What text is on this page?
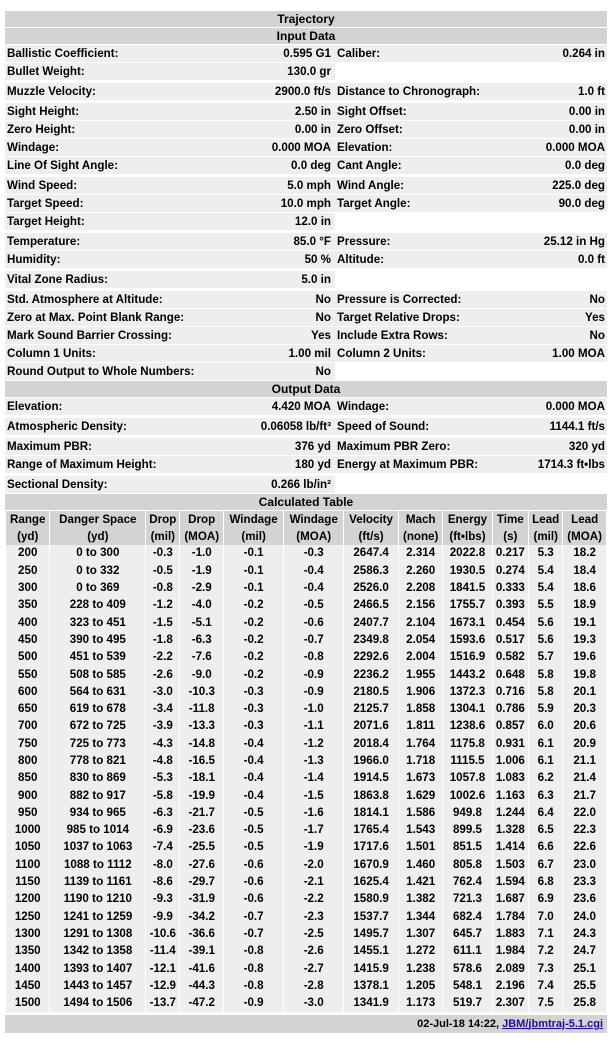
Trajectory
Input Data
Ballistic Coefficient:	0.595 G1 Caliber:	0.264 in
Bullet Weight:	130.0 gr
Muzzle Velocity:	2900.0 ft/s Distance to Chronograph:	1.0 ft
Sight Height:	2.50 in Sight Offset:	0.00 in
Zero Height:	0.00 in Zero Offset:	0.00 in
Windage:	0.000 MOA Elevation:	0.000 MOA
Line Of Sight Angle:	0.0 deg Cant Angle:	0.0 deg
Wind Speed:	5.0 mph Wind Angle:	225.0 deg
Target Speed:	10.0 mph Target Angle:	90.0 deg
Target Height:	12.0 in
Temperature:	85.0 °F Pressure:	25.12 in Hg
Humidity:	50 % Altitude:	0.0 ft
Vital Zone Radius:	5.0 in
Std. Atmosphere at Altitude:	No Pressure is Corrected:	No
Zero at Max. Point Blank Range:	No Target Relative Drops:	Yes
Mark Sound Barrier Crossing:	Yes Include Extra Rows:	No
Column 1 Units:	1.00 mil Column 2 Units:	1.00 MOA
Round Output to Whole Numbers:	No
Output Data
Elevation:	4.420 MOA Windage:	0.000 MOA
Atmospheric Density:	0.06058 lb/ft³ Speed of Sound:	1144.1 ft/s
Maximum PBR:	376 yd Maximum PBR Zero:	320 yd
Range of Maximum Height:	180 yd Energy at Maximum PBR:	1714.3 ft•lbs
Sectional Density:	0.266 lb/in²
Calculated Table
Range	Danger Space	Drop	Drop	Windage	Windage	Velocity	Mach	Energy	Time	Lead	Lead
(yd)	(yd)	(mil)	(MOA)	(mil)	(MOA)	(ft/s)	(none)	(ft•lbs)	(s)	(mil)	(MOA)
200	0 to 300	-0.3	-1.0	-0.1	-0.3	2647.4	2.314	2022.8	0.217	5.3	18.2
250	0 to 332	-0.5	-1.9	-0.1	-0.4	2586.3	2.260	1930.5	0.274	5.4	18.4
300	0 to 369	-0.8	-2.9	-0.1	-0.4	2526.0	2.208	1841.5	0.333	5.4	18.6
350	228 to 409	-1.2	-4.0	-0.2	-0.5	2466.5	2.156	1755.7	0.393	5.5	18.9
400	323 to 451	-1.5	-5.1	-0.2	-0.6	2407.7	2.104	1673.1	0.454	5.6	19.1
450	390 to 495	-1.8	-6.3	-0.2	-0.7	2349.8	2.054	1593.6	0.517	5.6	19.3
500	451 to 539	-2.2	-7.6	-0.2	-0.8	2292.6	2.004	1516.9	0.582	5.7	19.6
550	508 to 585	-2.6	-9.0	-0.2	-0.9	2236.2	1.955	1443.2	0.648	5.8	19.8
600	564 to 631	-3.0	-10.3	-0.3	-0.9	2180.5	1.906	1372.3	0.716	5.8	20.1
650	619 to 678	-3.4	-11.8	-0.3	-1.0	2125.7	1.858	1304.1	0.786	5.9	20.3
700	672 to 725	-3.9	-13.3	-0.3	-1.1	2071.6	1.811	1238.6	0.857	6.0	20.6
750	725 to 773	-4.3	-14.8	-0.4	-1.2	2018.4	1.764	1175.8	0.931	6.1	20.9
800	778 to 821	-4.8	-16.5	-0.4	-1.3	1966.0	1.718	1115.5	1.006	6.1	21.1
850	830 to 869	-5.3	-18.1	-0.4	-1.4	1914.5	1.673	1057.8	1.083	6.2	21.4
900	882 to 917	-5.8	-19.9	-0.4	-1.5	1863.8	1.629	1002.6	1.163	6.3	21.7
950	934 to 965	-6.3	-21.7	-0.5	-1.6	1814.1	1.586	949.8	1.244	6.4	22.0
1000	985 to 1014	-6.9	-23.6	-0.5	-1.7	1765.4	1.543	899.5	1.328	6.5	22.3
1050	1037 to 1063	-7.4	-25.5	-0.5	-1.9	1717.6	1.501	851.5	1.414	6.6	22.6
1100	1088 to 1112	-8.0	-27.6	-0.6	-2.0	1670.9	1.460	805.8	1.503	6.7	23.0
1150	1139 to 1161	-8.6	-29.7	-0.6	-2.1	1625.4	1.421	762.4	1.594	6.8	23.3
1200	1190 to 1210	-9.3	-31.9	-0.6	-2.2	1580.9	1.382	721.3	1.687	6.9	23.6
1250	1241 to 1259	-9.9	-34.2	-0.7	-2.3	1537.7	1.344	682.4	1.784	7.0	24.0
1300	1291 to 1308	-10.6	-36.6	-0.7	-2.5	1495.7	1.307	645.7	1.883	7.1	24.3
1350	1342 to 1358	-11.4	-39.1	-0.8	-2.6	1455.1	1.272	611.1	1.984	7.2	24.7
1400	1393 to 1407	-12.1	-41.6	-0.8	-2.7	1415.9	1.238	578.6	2.089	7.3	25.1
1450	1443 to 1457	-12.9	-44.3	-0.8	-2.8	1378.1	1.205	548.1	2.196	7.4	25.5
1500	1494 to 1506	-13.7	-47.2	-0.9	-3.0	1341.9	1.173	519.7	2.307	7.5	25.8
02-Jul-18 14:22, JBM/jbmtraj-5.1.cgi
